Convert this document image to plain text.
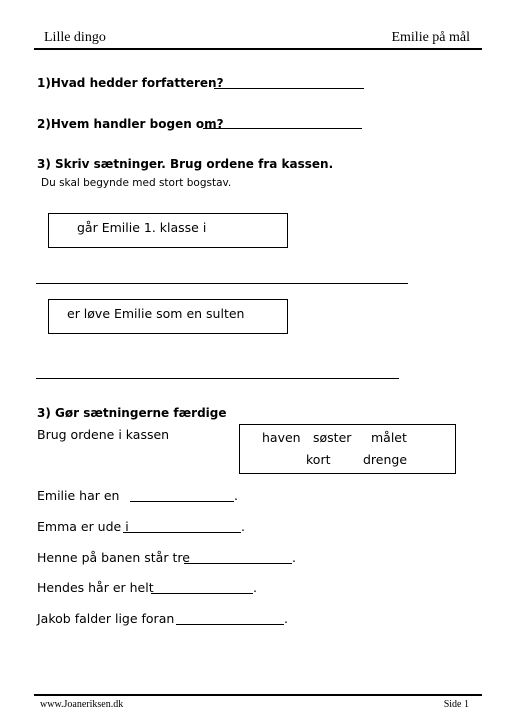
Lille dingo	Emilie på mål
1)Hvad hedder forfatteren?
2)Hvem handler bogen om?
3) Skriv sætninger. Brug ordene fra kassen.
Du skal begynde med stort bogstav.
går Emilie 1. klasse i
er løve Emilie som en sulten
3) Gør sætningerne færdige
Brug ordene i kassen	haven søster målet
kort	drenge
Emilie har en	.
Emma er ude i	.
Henne på banen står tre	.
Hendes hår er helt	.
Jakob falder lige foran	.
www.Joaneriksen.dk	Side 1
